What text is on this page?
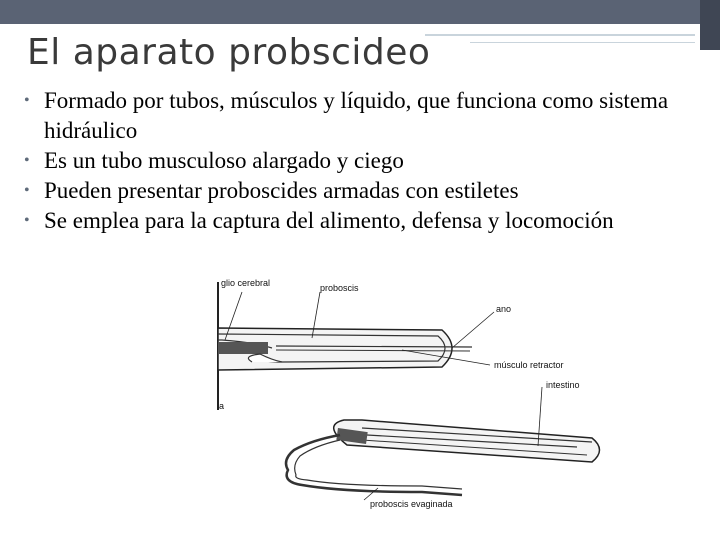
El aparato probscideo
• Formado por tubos, músculos y líquido, que funciona como sistema hidráulico
• Es un tubo musculoso alargado y ciego
• Pueden presentar proboscides armadas con estiletes
• Se emplea para la captura del alimento, defensa y locomoción
glio cerebral	proboscis
ano
músculo retractor
intestino
a
proboscis evaginada
